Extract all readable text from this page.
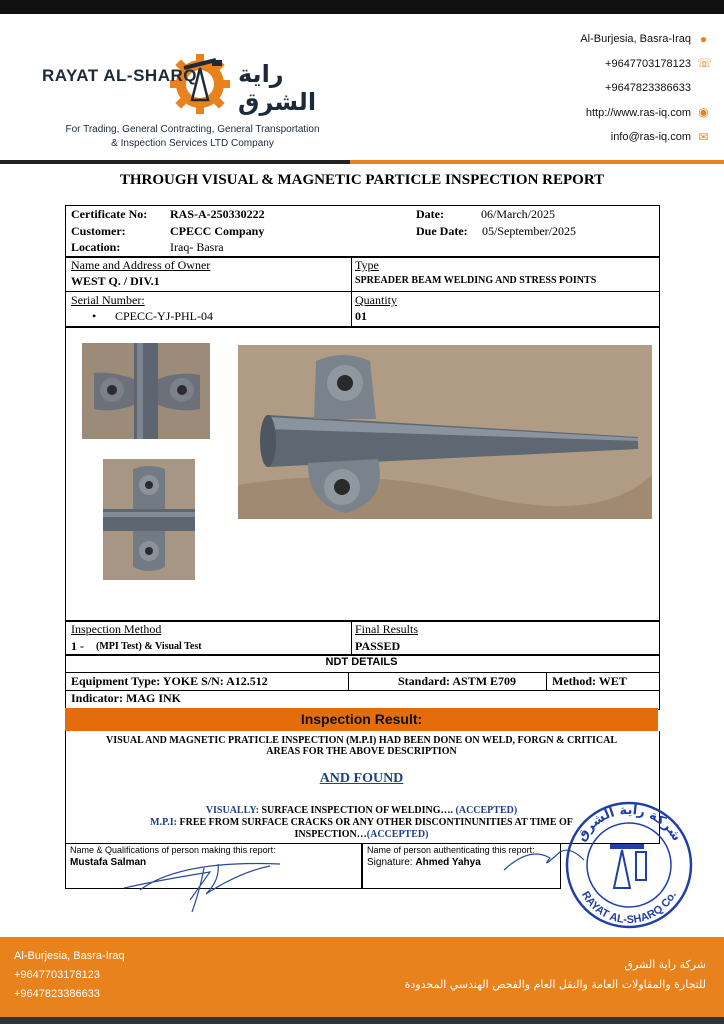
RAYAT AL-SHARQ راية الشرق
For Trading, General Contracting, General Transportation
& Inspection Services LTD Company
Al-Burjesia, Basra-Iraq ●
+9647703178123 ☏
+9647823386633
http://www.ras-iq.com ◉
info@ras-iq.com ✉
THROUGH VISUAL & MAGNETIC PARTICLE INSPECTION REPORT
Certificate No: RAS-A-250330222
Customer:	CPECC Company
Location:	Iraq- Basra
Date:	06/March/2025
Due Date: 05/September/2025
Name and Address of Owner
WEST Q. / DIV.1
Type
SPREADER BEAM WELDING AND STRESS POINTS
Serial Number:
• CPECC-YJ-PHL-04
Quantity
01
Inspection Method
1 - (MPI Test) & Visual Test
Final Results
PASSED
NDT DETAILS
Equipment Type: YOKE S/N: A12.512	Standard: ASTM E709	Method: WET
Indicator: MAG INK
Inspection Result:
VISUAL AND MAGNETIC PRATICLE INSPECTION (M.P.I) HAD BEEN DONE ON WELD, FORGN & CRITICAL
AREAS FOR THE ABOVE DESCRIPTION
AND FOUND
VISUALLY: SURFACE INSPECTION OF WELDING…. (ACCEPTED)
M.P.I: FREE FROM SURFACE CRACKS OR ANY OTHER DISCONTINUNITIES AT TIME OF
INSPECTION…(ACCEPTED)
Name & Qualifications of person making this report:
Mustafa Salman
Name of person authenticating this report:
Signature: Ahmed Yahya
شركة راية الشرق
RAYAT AL-SHARQ Co.
Al-Burjesia, Basra-Iraq
+9647703178123
+9647823386633
شركة راية الشرق
للتجارة والمقاولات العامة والنقل العام والفحص الهندسي المحدودة
